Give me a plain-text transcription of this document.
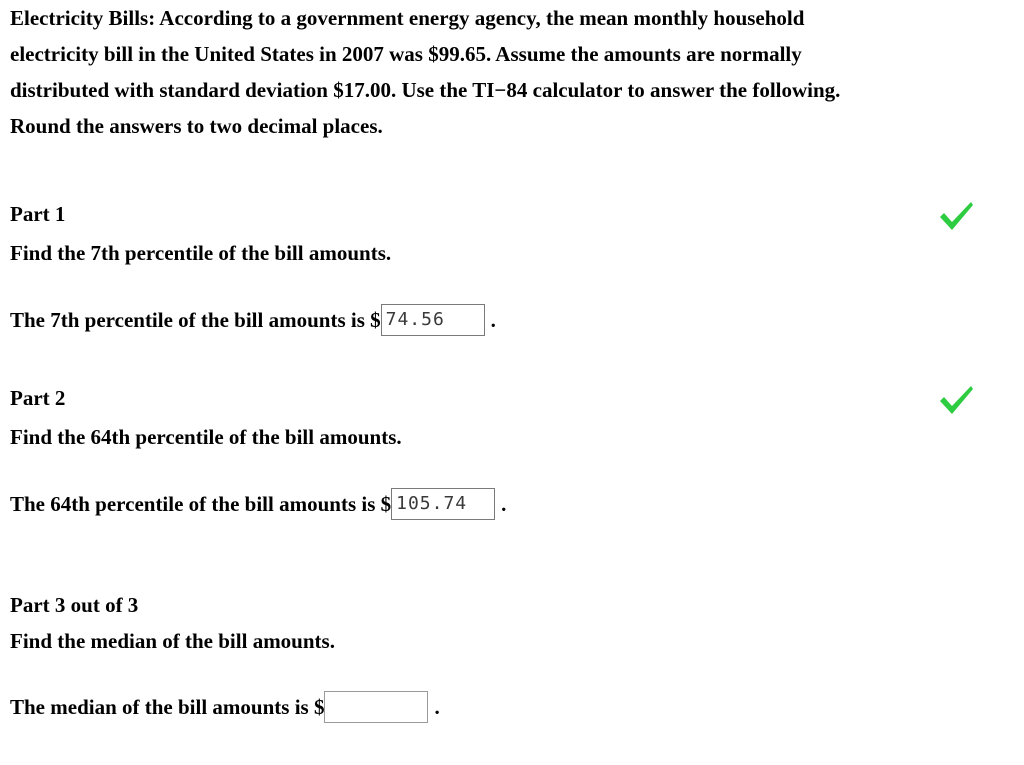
Electricity Bills: According to a government energy agency, the mean monthly household
electricity bill in the United States in 2007 was $99.65. Assume the amounts are normally
distributed with standard deviation $17.00. Use the TI−84 calculator to answer the following.
Round the answers to two decimal places.
Part 1
Find the 7th percentile of the bill amounts.
The 7th percentile of the bill amounts is $ 74.56	.
Part 2
Find the 64th percentile of the bill amounts.
The 64th percentile of the bill amounts is $ 105.74	.
Part 3 out of 3
Find the median of the bill amounts.
The median of the bill amounts is $	.
